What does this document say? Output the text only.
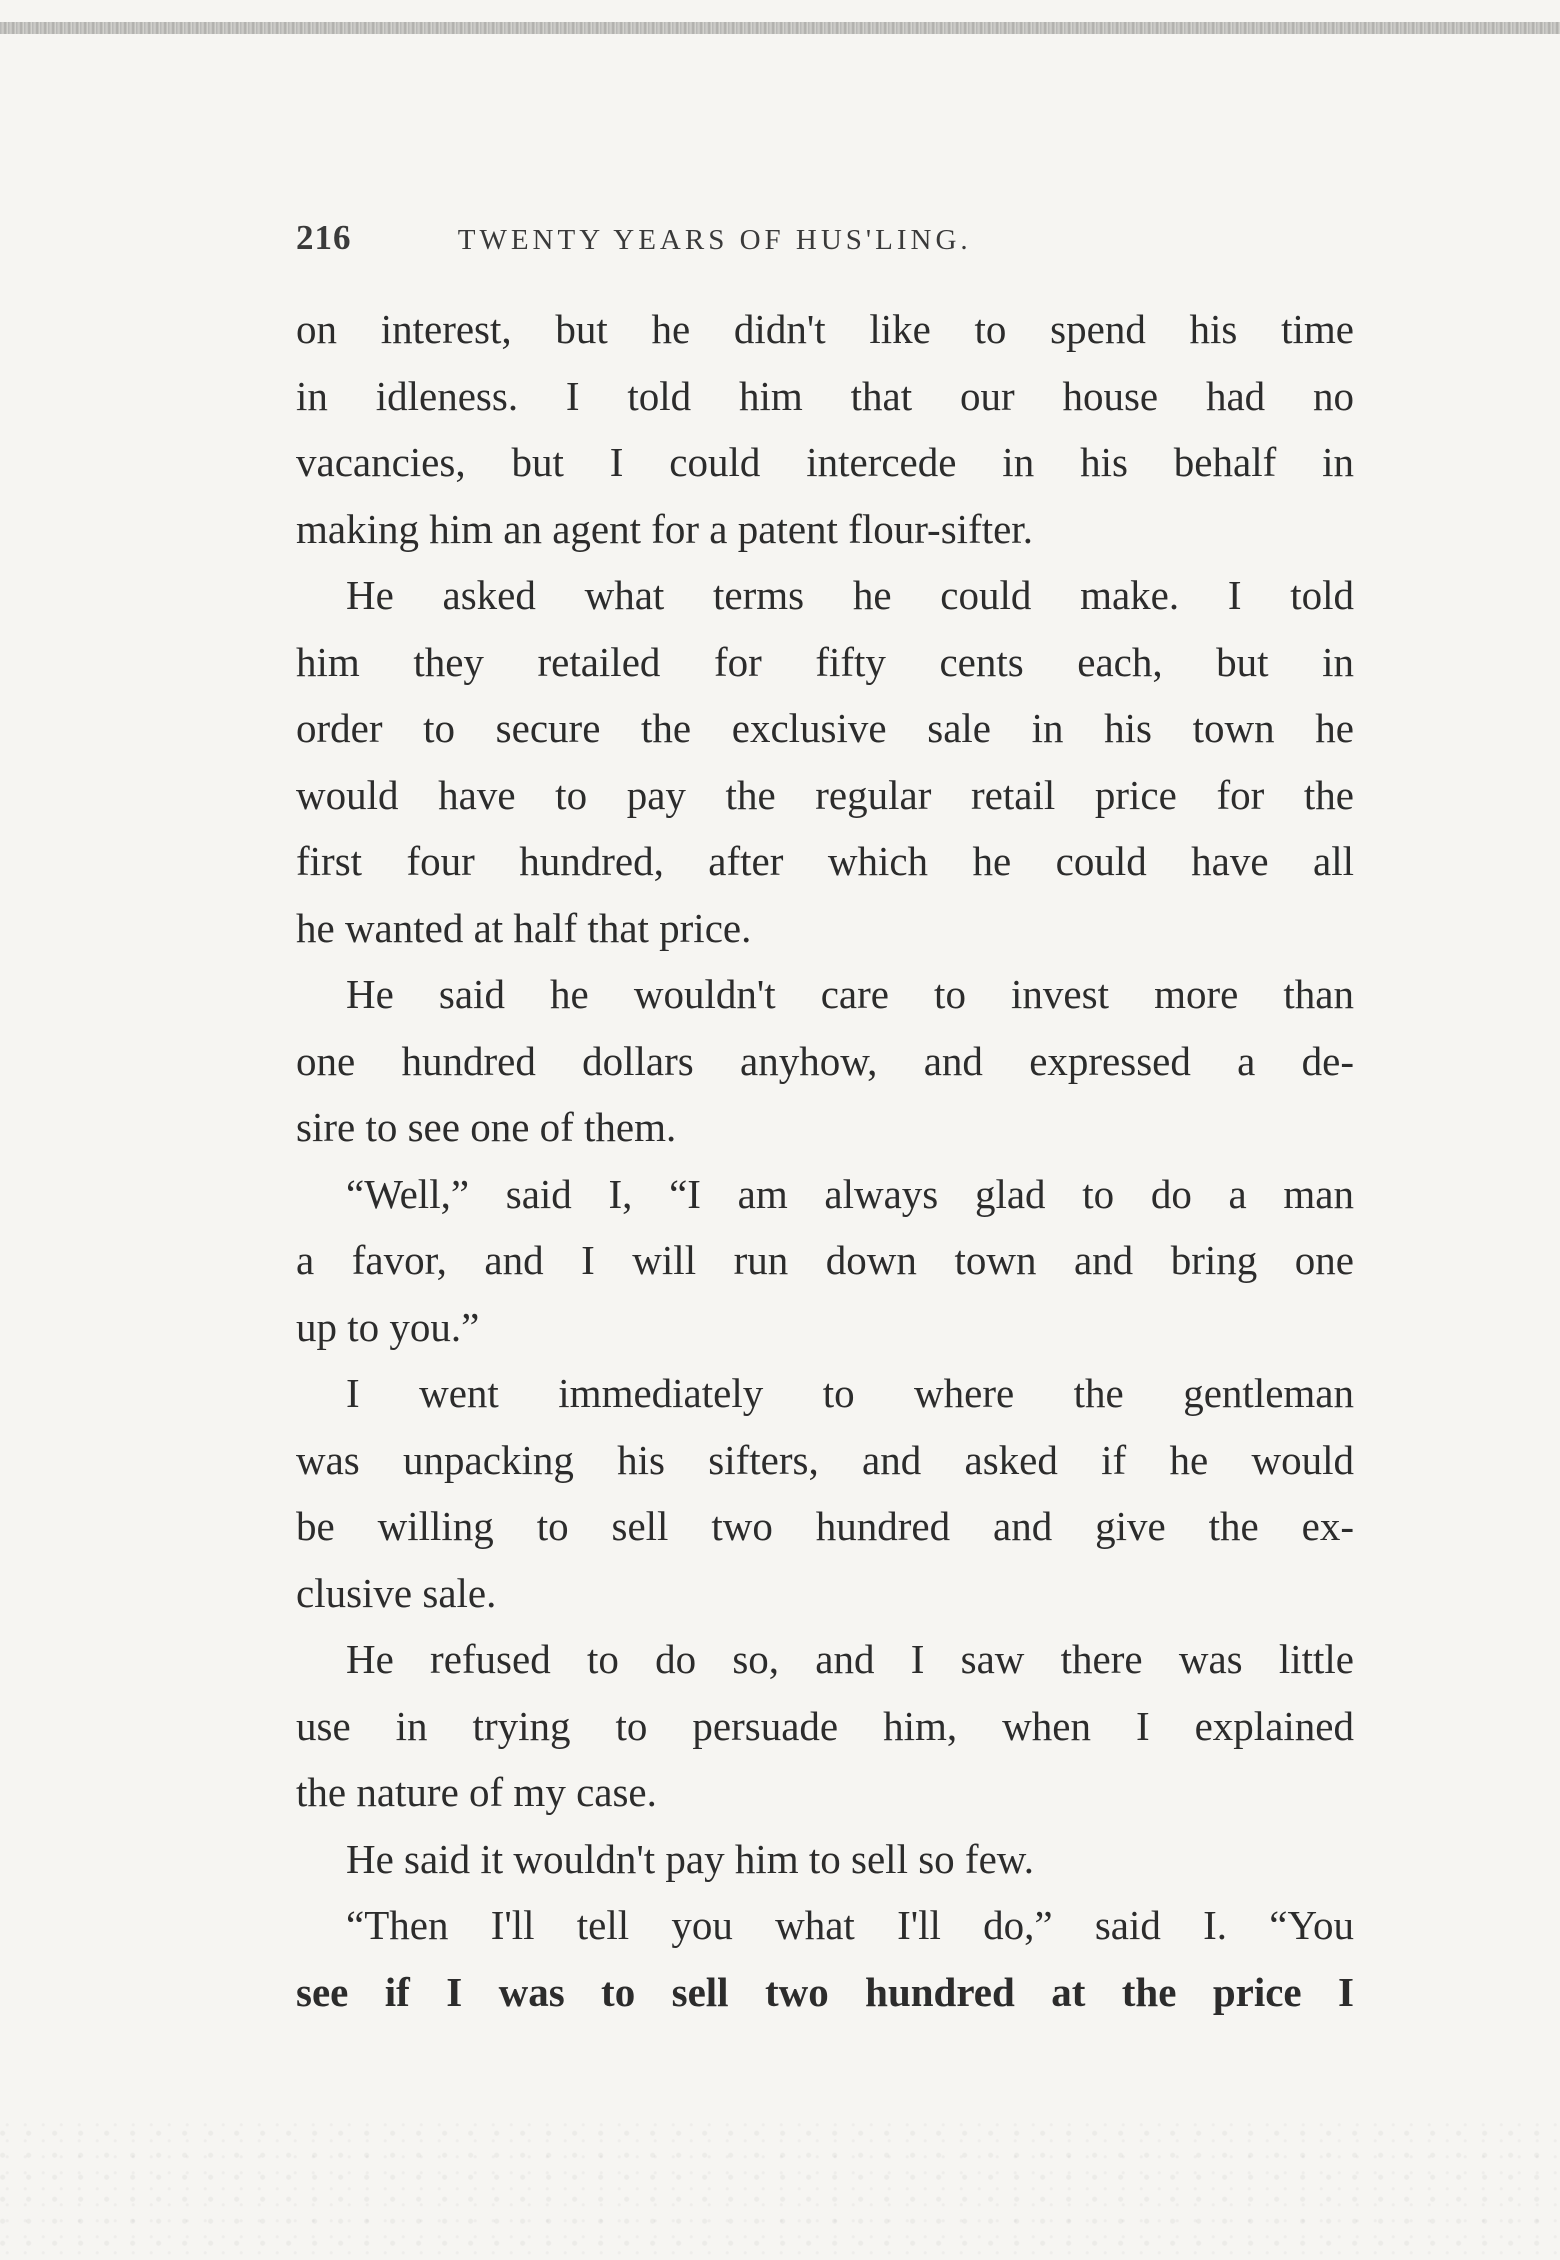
216	TWENTY YEARS OF HUS'LING.
on interest, but he didn't like to spend his time
in idleness. I told him that our house had no
vacancies, but I could intercede in his behalf in
making him an agent for a patent flour-sifter.
He asked what terms he could make. I told
him they retailed for fifty cents each, but in
order to secure the exclusive sale in his town he
would have to pay the regular retail price for the
first four hundred, after which he could have all
he wanted at half that price.
He said he wouldn't care to invest more than
one hundred dollars anyhow, and expressed a de-
sire to see one of them.
“Well,” said I, “I am always glad to do a man
a favor, and I will run down town and bring one
up to you.”
I went immediately to where the gentleman
was unpacking his sifters, and asked if he would
be willing to sell two hundred and give the ex-
clusive sale.
He refused to do so, and I saw there was little
use in trying to persuade him, when I explained
the nature of my case.
He said it wouldn't pay him to sell so few.
“Then I'll tell you what I'll do,” said I. “You
see if I was to sell two hundred at the price I
